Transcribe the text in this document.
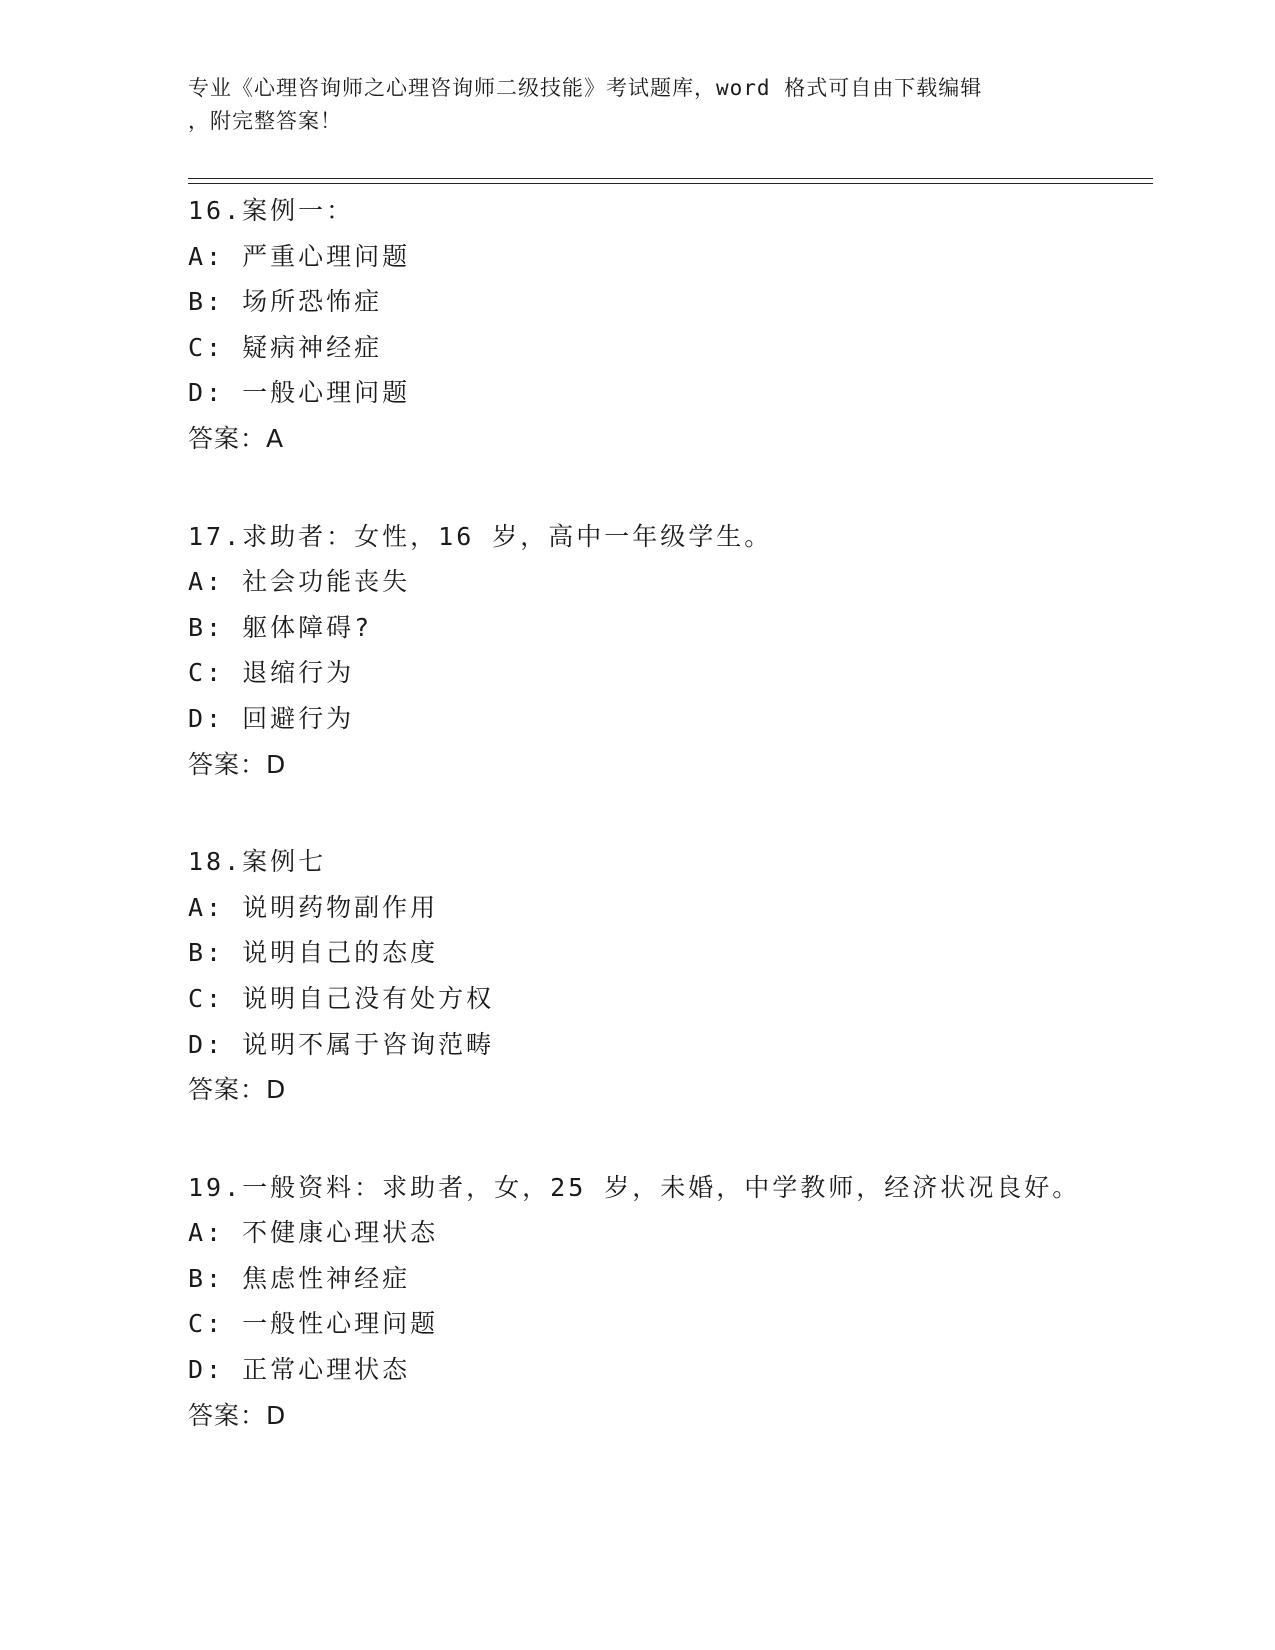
专业《心理咨询师之心理咨询师二级技能》考试题库，word 格式可自由下载编辑
，附完整答案！
16.案例一：
A: 严重心理问题
B: 场所恐怖症
C: 疑病神经症
D: 一般心理问题
答案：A
17.求助者：女性，16 岁，高中一年级学生。
A: 社会功能丧失
B: 躯体障碍?
C: 退缩行为
D: 回避行为
答案：D
18.案例七
A: 说明药物副作用
B: 说明自己的态度
C: 说明自己没有处方权
D: 说明不属于咨询范畴
答案：D
19.一般资料：求助者，女，25 岁，未婚，中学教师，经济状况良好。
A: 不健康心理状态
B: 焦虑性神经症
C: 一般性心理问题
D: 正常心理状态
答案：D
